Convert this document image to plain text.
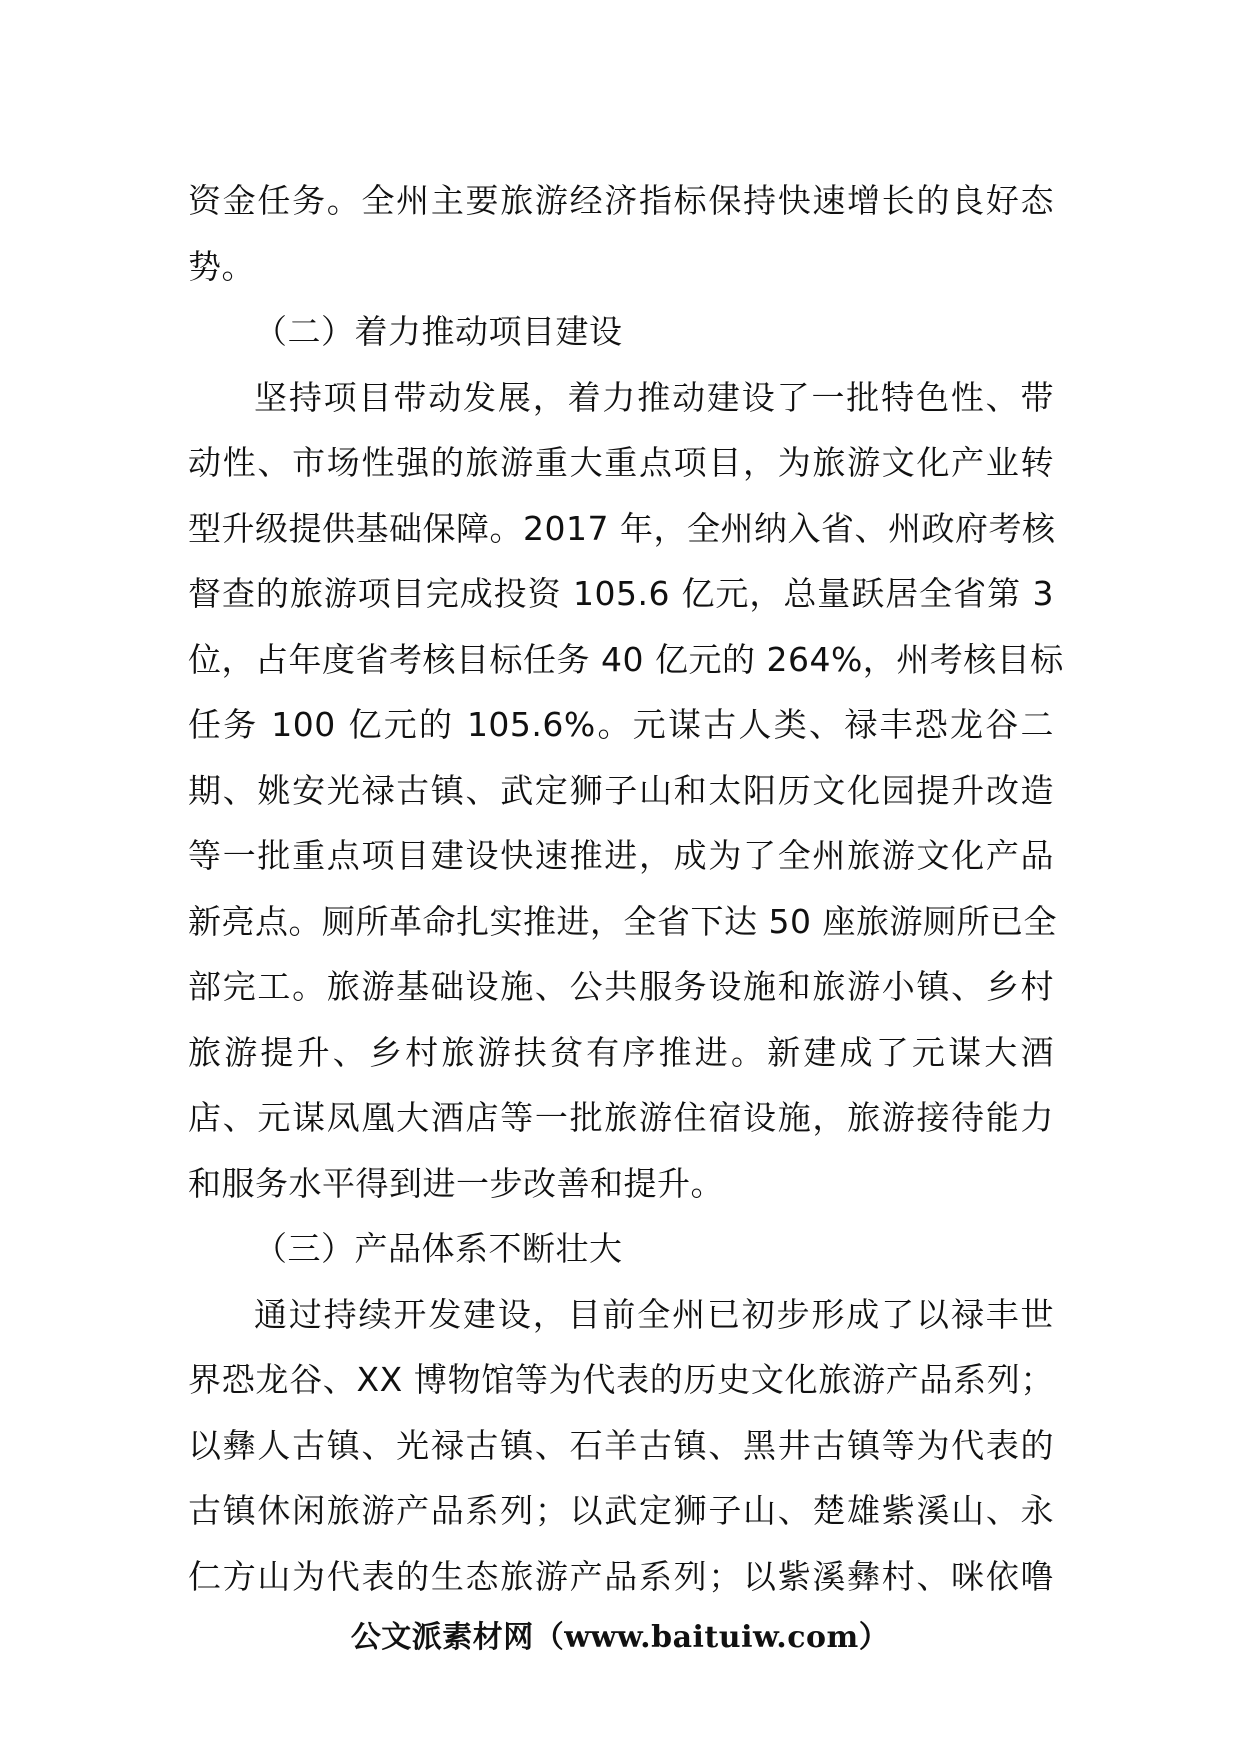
资金任务。全州主要旅游经济指标保持快速增长的良好态
势。
（二）着力推动项目建设
坚持项目带动发展，着力推动建设了一批特色性、带
动性、市场性强的旅游重大重点项目，为旅游文化产业转
型升级提供基础保障。2017 年，全州纳入省、州政府考核
督查的旅游项目完成投资 105.6 亿元，总量跃居全省第 3
位，占年度省考核目标任务 40 亿元的 264%，州考核目标
任务 100 亿元的 105.6%。元谋古人类、禄丰恐龙谷二
期、姚安光禄古镇、武定狮子山和太阳历文化园提升改造
等一批重点项目建设快速推进，成为了全州旅游文化产品
新亮点。厕所革命扎实推进，全省下达 50 座旅游厕所已全
部完工。旅游基础设施、公共服务设施和旅游小镇、乡村
旅游提升、乡村旅游扶贫有序推进。新建成了元谋大酒
店、元谋凤凰大酒店等一批旅游住宿设施，旅游接待能力
和服务水平得到进一步改善和提升。
（三）产品体系不断壮大
通过持续开发建设，目前全州已初步形成了以禄丰世
界恐龙谷、XX 博物馆等为代表的历史文化旅游产品系列；
以彝人古镇、光禄古镇、石羊古镇、黑井古镇等为代表的
古镇休闲旅游产品系列；以武定狮子山、楚雄紫溪山、永
仁方山为代表的生态旅游产品系列；以紫溪彝村、咪依噜
公文派素材网（www.baituiw.com）
